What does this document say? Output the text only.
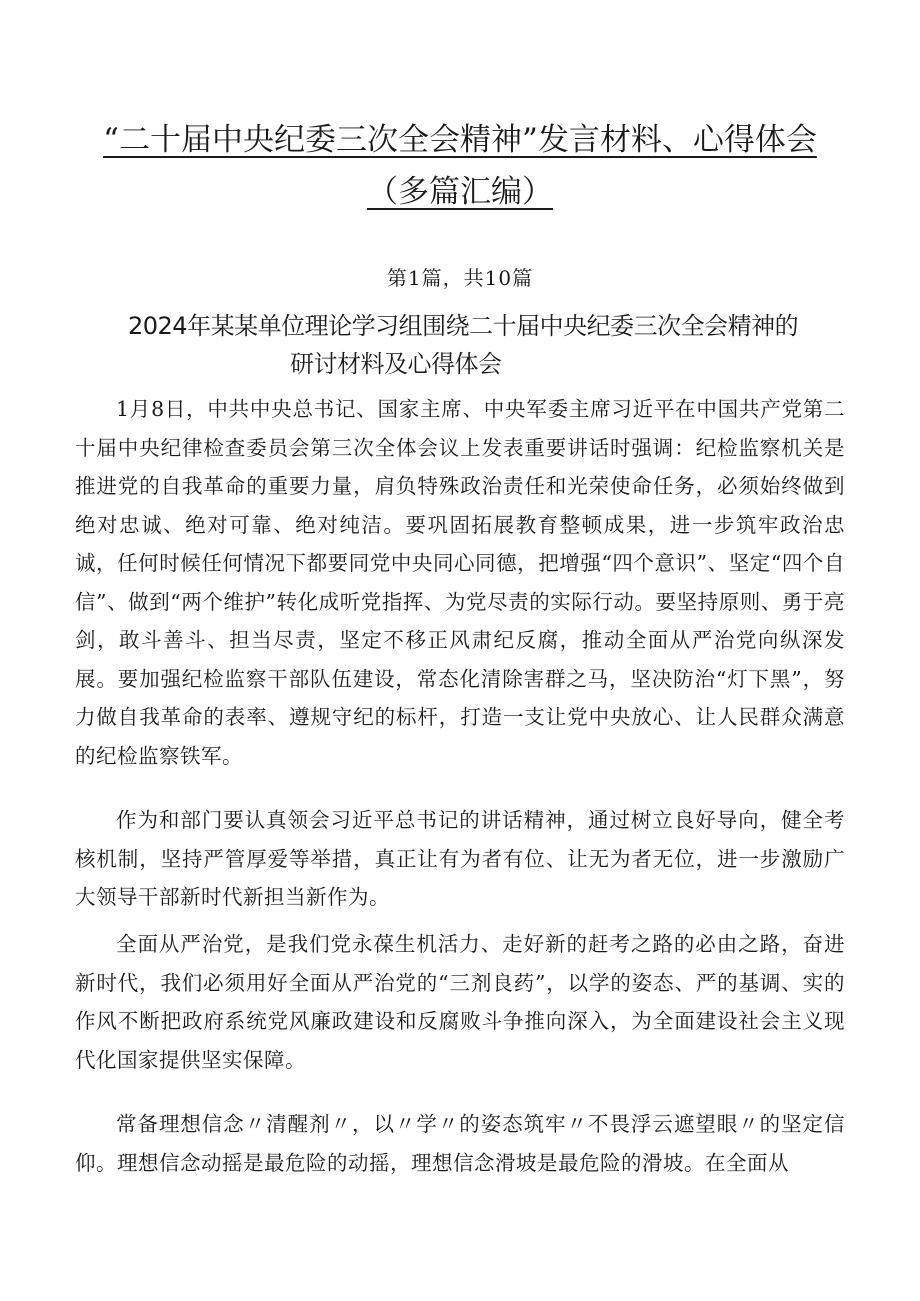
“二十届中央纪委三次全会精神”发言材料、心得体会
（多篇汇编）
第1篇，共10篇
2024年某某单位理论学习组围绕二十届中央纪委三次全会精神的
研讨材料及心得体会

1月8日，中共中央总书记、国家主席、中央军委主席习近平在中国共产党第二十届中央纪律检查委员会第三次全体会议上发表重要讲话时强调：纪检监察机关是推进党的自我革命的重要力量，肩负特殊政治责任和光荣使命任务，必须始终做到绝对忠诚、绝对可靠、绝对纯洁。要巩固拓展教育整顿成果，进一步筑牢政治忠诚，任何时候任何情况下都要同党中央同心同德，把增强“四个意识”、坚定“四个自信”、做到“两个维护”转化成听党指挥、为党尽责的实际行动。要坚持原则、勇于亮剑，敢斗善斗、担当尽责，坚定不移正风肃纪反腐，推动全面从严治党向纵深发展。要加强纪检监察干部队伍建设，常态化清除害群之马，坚决防治“灯下黑”，努力做自我革命的表率、遵规守纪的标杆，打造一支让党中央放心、让人民群众满意的纪检监察铁军。

作为和部门要认真领会习近平总书记的讲话精神，通过树立良好导向，健全考核机制，坚持严管厚爱等举措，真正让有为者有位、让无为者无位，进一步激励广大领导干部新时代新担当新作为。

全面从严治党，是我们党永葆生机活力、走好新的赶考之路的必由之路，奋进新时代，我们必须用好全面从严治党的“三剂良药”，以学的姿态、严的基调、实的作风不断把政府系统党风廉政建设和反腐败斗争推向深入，为全面建设社会主义现代化国家提供坚实保障。

常备理想信念〃清醒剂〃，以〃学〃的姿态筑牢〃不畏浮云遮望眼〃的坚定信仰。理想信念动摇是最危险的动摇，理想信念滑坡是最危险的滑坡。在全面从
